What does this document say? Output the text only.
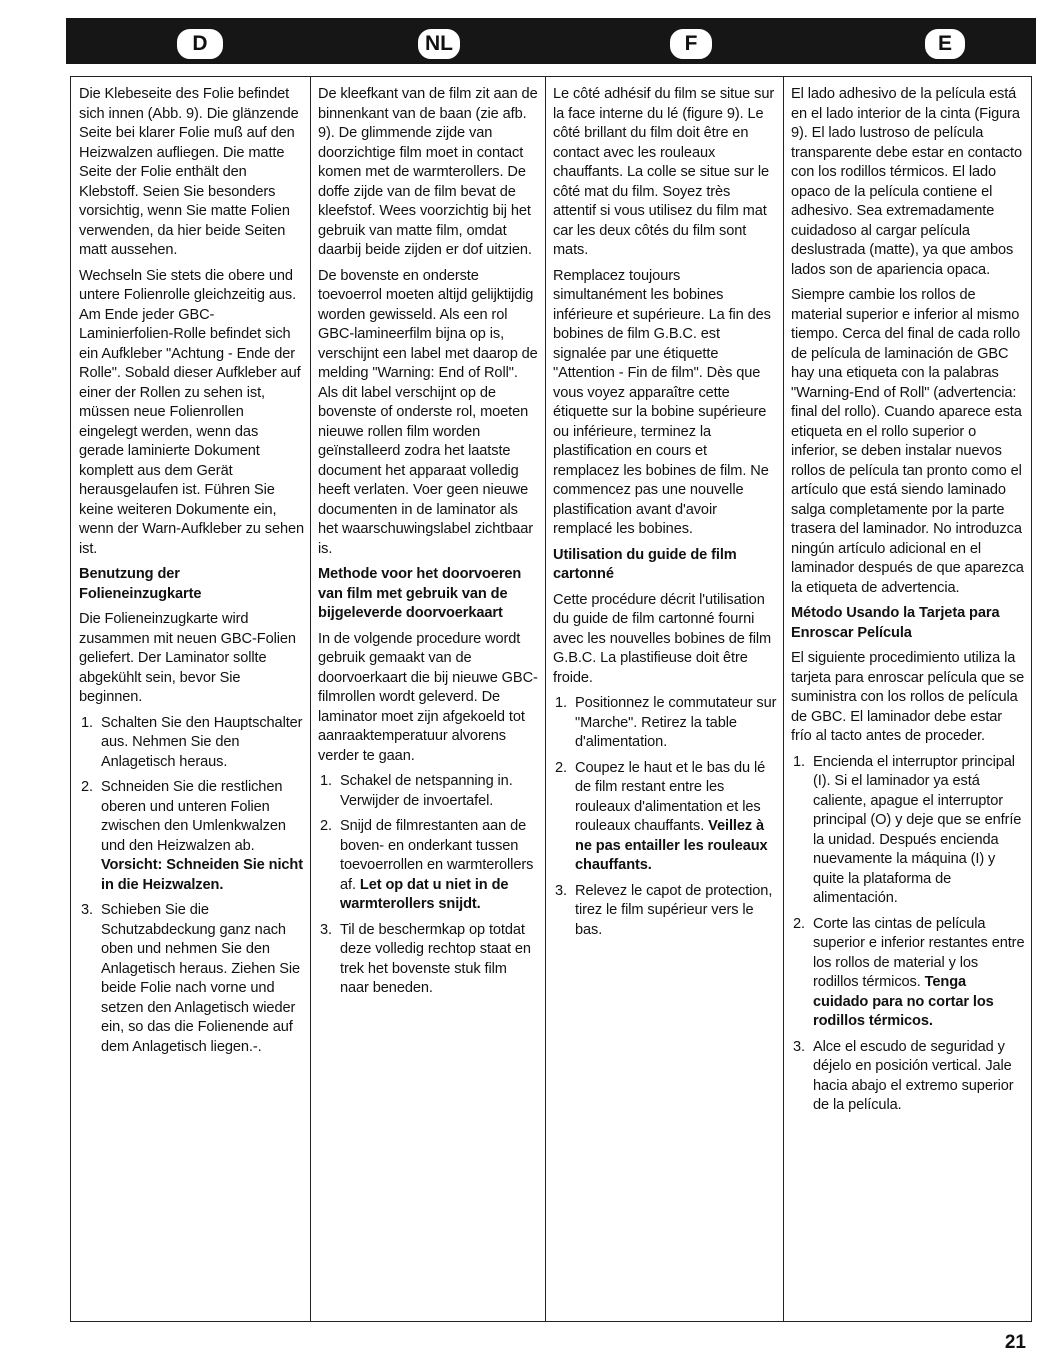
D	NL	F	E

Die Klebeseite des Folie befindet sich innen (Abb. 9). Die glänzende Seite bei klarer Folie muß auf den Heizwalzen aufliegen. Die matte Seite der Folie enthält den Klebstoff. Seien Sie besonders vorsichtig, wenn Sie matte Folien verwenden, da hier beide Seiten matt aussehen.

Wechseln Sie stets die obere und untere Folienrolle gleichzeitig aus. Am Ende jeder GBC-Laminierfolien-Rolle befindet sich ein Aufkleber "Achtung - Ende der Rolle". Sobald dieser Aufkleber auf einer der Rollen zu sehen ist, müssen neue Folienrollen eingelegt werden, wenn das gerade laminierte Dokument komplett aus dem Gerät herausgelaufen ist. Führen Sie keine weiteren Dokumente ein, wenn der Warn-Aufkleber zu sehen ist.

Benutzung der Folieneinzugkarte

Die Folieneinzugkarte wird zusammen mit neuen GBC-Folien geliefert. Der Laminator sollte abgekühlt sein, bevor Sie beginnen.

1. Schalten Sie den Hauptschalter aus. Nehmen Sie den Anlagetisch heraus.
2. Schneiden Sie die restlichen oberen und unteren Folien zwischen den Umlenkwalzen und den Heizwalzen ab. Vorsicht: Schneiden Sie nicht in die Heizwalzen.
3. Schieben Sie die Schutzabdeckung ganz nach oben und nehmen Sie den Anlagetisch heraus. Ziehen Sie beide Folie nach vorne und setzen den Anlagetisch wieder ein, so das die Folienende auf dem Anlagetisch liegen.-.

De kleefkant van de film zit aan de binnenkant van de baan (zie afb. 9). De glimmende zijde van doorzichtige film moet in contact komen met de warmterollers. De doffe zijde van de film bevat de kleefstof. Wees voorzichtig bij het gebruik van matte film, omdat daarbij beide zijden er dof uitzien.

De bovenste en onderste toevoerrol moeten altijd gelijktijdig worden gewisseld. Als een rol GBC-lamineerfilm bijna op is, verschijnt een label met daarop de melding "Warning: End of Roll". Als dit label verschijnt op de bovenste of onderste rol, moeten nieuwe rollen film worden geïnstalleerd zodra het laatste document het apparaat volledig heeft verlaten. Voer geen nieuwe documenten in de laminator als het waarschuwingslabel zichtbaar is.

Methode voor het doorvoeren van film met gebruik van de bijgeleverde doorvoerkaart

In de volgende procedure wordt gebruik gemaakt van de doorvoerkaart die bij nieuwe GBC-filmrollen wordt geleverd. De laminator moet zijn afgekoeld tot aanraaktemperatuur alvorens verder te gaan.

1. Schakel de netspanning in. Verwijder de invoertafel.
2. Snijd de filmrestanten aan de boven- en onderkant tussen toevoerrollen en warmterollers af. Let op dat u niet in de warmterollers snijdt.
3. Til de beschermkap op totdat deze volledig rechtop staat en trek het bovenste stuk film naar beneden.

Le côté adhésif du film se situe sur la face interne du lé (figure 9). Le côté brillant du film doit être en contact avec les rouleaux chauffants. La colle se situe sur le côté mat du film. Soyez très attentif si vous utilisez du film mat car les deux côtés du film sont mats.

Remplacez toujours simultanément les bobines inférieure et supérieure. La fin des bobines de film G.B.C. est signalée par une étiquette "Attention - Fin de film". Dès que vous voyez apparaître cette étiquette sur la bobine supérieure ou inférieure, terminez la plastification en cours et remplacez les bobines de film. Ne commencez pas une nouvelle plastification avant d'avoir remplacé les bobines.

Utilisation du guide de film cartonné

Cette procédure décrit l'utilisation du guide de film cartonné fourni avec les nouvelles bobines de film G.B.C. La plastifieuse doit être froide.

1. Positionnez le commutateur sur "Marche". Retirez la table d'alimentation.
2. Coupez le haut et le bas du lé de film restant entre les rouleaux d'alimentation et les rouleaux chauffants. Veillez à ne pas entailler les rouleaux chauffants.
3. Relevez le capot de protection, tirez le film supérieur vers le bas.

El lado adhesivo de la película está en el lado interior de la cinta (Figura 9). El lado lustroso de película transparente debe estar en contacto con los rodillos térmicos. El lado opaco de la película contiene el adhesivo. Sea extremadamente cuidadoso al cargar película deslustrada (matte), ya que ambos lados son de apariencia opaca.

Siempre cambie los rollos de material superior e inferior al mismo tiempo. Cerca del final de cada rollo de película de laminación de GBC hay una etiqueta con la palabras "Warning-End of Roll" (advertencia: final del rollo). Cuando aparece esta etiqueta en el rollo superior o inferior, se deben instalar nuevos rollos de película tan pronto como el artículo que está siendo laminado salga completamente por la parte trasera del laminador. No introduzca ningún artículo adicional en el laminador después de que aparezca la etiqueta de advertencia.

Método Usando la Tarjeta para Enroscar Película

El siguiente procedimiento utiliza la tarjeta para enroscar película que se suministra con los rollos de película de GBC. El laminador debe estar frío al tacto antes de proceder.

1. Encienda el interruptor principal (I). Si el laminador ya está caliente, apague el interruptor principal (O) y deje que se enfríe la unidad. Después encienda nuevamente la máquina (I) y quite la plataforma de alimentación.
2. Corte las cintas de película superior e inferior restantes entre los rollos de material y los rodillos térmicos. Tenga cuidado para no cortar los rodillos térmicos.
3. Alce el escudo de seguridad y déjelo en posición vertical. Jale hacia abajo el extremo superior de la película.
21
